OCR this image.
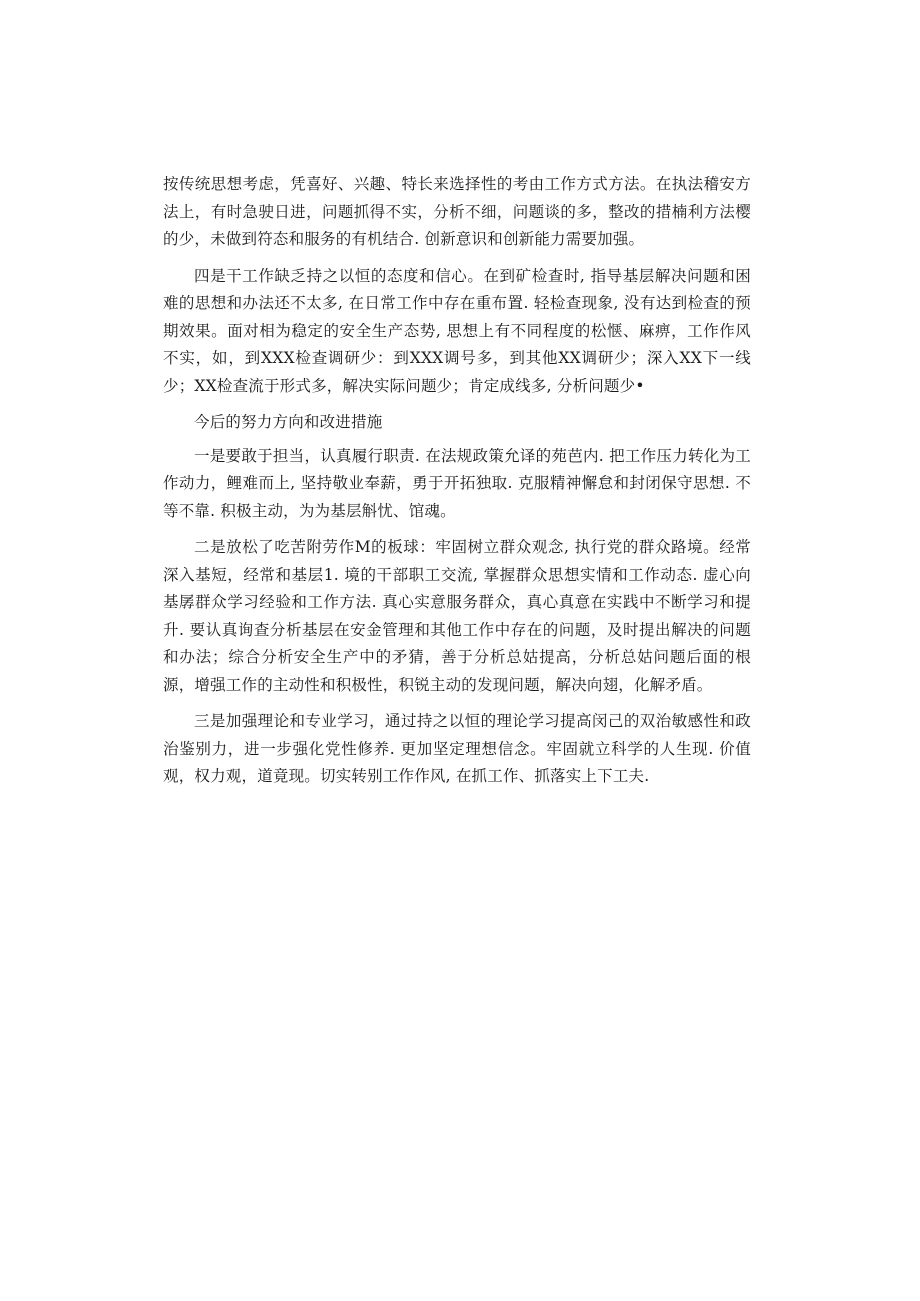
按传统思想考虑，凭喜好、兴趣、特长来选择性的考由工作方式方法。在执法稽安方法上，有时急驶日进，问题抓得不实，分析不细，问题谈的多，整改的措楠利方法樱的少，未做到符态和服务的有机结合. 创新意识和创新能力需要加强。

四是干工作缺乏持之以恒的态度和信心。在到矿检查时, 指导基层解决问题和困难的思想和办法还不太多, 在日常工作中存在重布置. 轻检查现象, 没有达到检查的预期效果。面对相为稳定的安全生产态势, 思想上有不同程度的松惬、麻痹，工作作风不实，如，到XXX检查调研少：到XXX调号多，到其他XX调研少；深入XX下一线少；XX检查流于形式多，解决实际问题少；肯定成线多, 分析问题少•

今后的努力方向和改进措施

一是要敢于担当，认真履行职责. 在法规政策允译的苑芭内. 把工作压力转化为工作动力，鲤难而上, 坚持敬业奉薪，勇于开拓独取. 克服精神懈怠和封闭保守思想. 不等不靠. 积极主动，为为基层斛忧、馆魂。

二是放松了吃苦附劳作M的板球：牢固树立群众观念, 执行党的群众路境。经常深入基短，经常和基层1. 境的干部职工交流, 掌握群众思想实情和工作动态. 虚心向基孱群众学习经验和工作方法. 真心实意服务群众，真心真意在实践中不断学习和提升. 要认真询查分析基层在安金管理和其他工作中存在的问题，及时提出解决的问题和办法；综合分析安全生产中的矛猜，善于分析总姑提高，分析总姑问题后面的根源，增强工作的主动性和积极性，积锐主动的发现问题，解决向翅，化解矛盾。

三是加强理论和专业学习，通过持之以恒的理论学习提高闵己的双治敏感性和政治鉴别力，进一步强化党性修养. 更加坚定理想信念。牢固就立科学的人生现. 价值观，权力观，道竟现。切实转别工作作风, 在抓工作、抓落实上下工夫.
